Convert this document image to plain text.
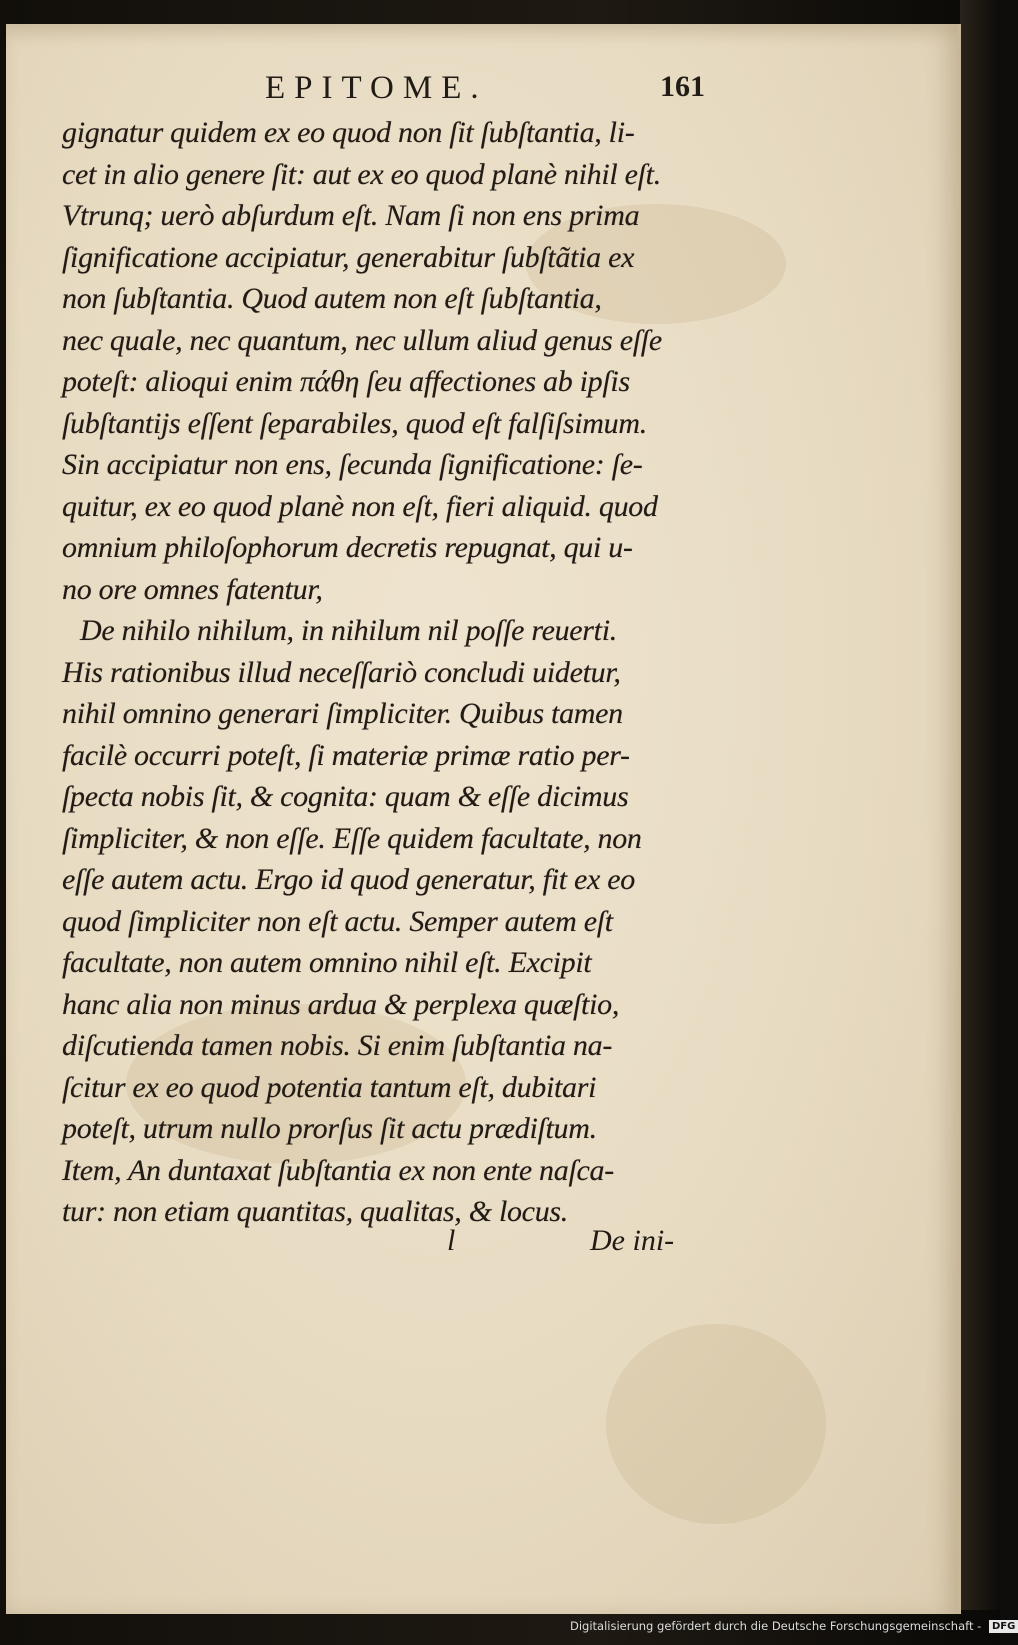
EPITOME.	161
gignatur quidem ex eo quod non ſit ſubſtantia, li-
cet in alio genere ſit: aut ex eo quod planè nihil eſt.
Vtrunq; uerò abſurdum eſt. Nam ſi non ens prima
ſignificatione accipiatur, generabitur ſubſtãtia ex
non ſubſtantia. Quod autem non eſt ſubſtantia,
nec quale, nec quantum, nec ullum aliud genus eſſe
poteſt: alioqui enim πάθη ſeu affectiones ab ipſis
ſubſtantijs eſſent ſeparabiles, quod eſt falſiſsimum.
Sin accipiatur non ens, ſecunda ſignificatione: ſe-
quitur, ex eo quod planè non eſt, fieri aliquid. quod
omnium philoſophorum decretis repugnat, qui u-
no ore omnes fatentur,
De nihilo nihilum, in nihilum nil poſſe reuerti.
His rationibus illud neceſſariò concludi uidetur,
nihil omnino generari ſimpliciter. Quibus tamen
facilè occurri poteſt, ſi materiæ primæ ratio per-
ſpecta nobis ſit, & cognita: quam & eſſe dicimus
ſimpliciter, & non eſſe. Eſſe quidem facultate, non
eſſe autem actu. Ergo id quod generatur, fit ex eo
quod ſimpliciter non eſt actu. Semper autem eſt
facultate, non autem omnino nihil eſt. Excipit
hanc alia non minus ardua & perplexa quæſtio,
diſcutienda tamen nobis. Si enim ſubſtantia na-
ſcitur ex eo quod potentia tantum eſt, dubitari
poteſt, utrum nullo prorſus ſit actu prædiſtum.
Item, An duntaxat ſubſtantia ex non ente naſca-
tur: non etiam quantitas, qualitas, & locus.
l	De ini-
Digitalisierung gefördert durch die Deutsche Forschungsgemeinschaft - DFG
